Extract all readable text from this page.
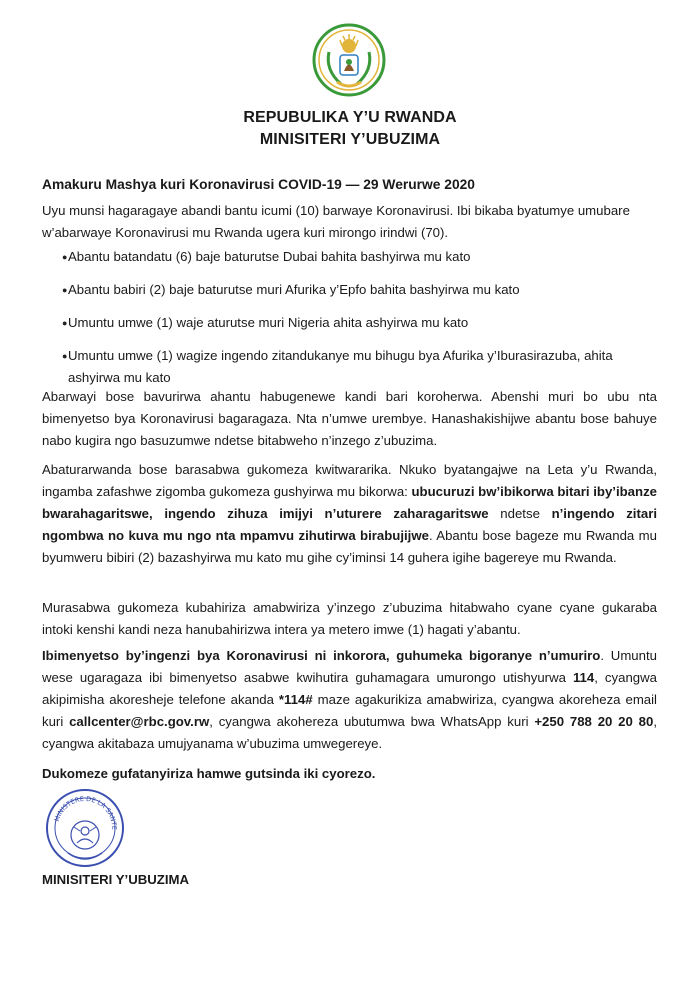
REPUBULIKA Y’U RWANDA
MINISITERI Y’UBUZIMA
Amakuru Mashya kuri Koronavirusi COVID-19 — 29 Werurwe 2020

Uyu munsi hagaragaye abandi bantu icumi (10) barwaye Koronavirusi. Ibi bikaba byatumye umubare w’abarwaye Koronavirusi mu Rwanda ugera kuri mirongo irindwi (70).

● Abantu batandatu (6) baje baturutse Dubai bahita bashyirwa mu kato
● Abantu babiri (2) baje baturutse muri Afurika y’Epfo bahita bashyirwa mu kato
● Umuntu umwe (1) waje aturutse muri Nigeria ahita ashyirwa mu kato
● Umuntu umwe (1) wagize ingendo zitandukanye mu bihugu bya Afurika y’Iburasirazuba, ahita ashyirwa mu kato

Abarwayi bose bavurirwa ahantu habugenewe kandi bari koroherwa. Abenshi muri bo ubu nta bimenyetso bya Koronavirusi bagaragaza. Nta n’umwe urembye. Hanashakishijwe abantu bose bahuye nabo kugira ngo basuzumwe ndetse bitabweho n’inzego z’ubuzima.

Abaturarwanda bose barasabwa gukomeza kwitwararika. Nkuko byatangajwe na Leta y’u Rwanda, ingamba zafashwe zigomba gukomeza gushyirwa mu bikorwa: ubucuruzi bw’ibikorwa bitari iby’ibanze bwarahagaritswe, ingendo zihuza imijyi n’uturere zaharagaritswe ndetse n’ingendo zitari ngombwa no kuva mu ngo nta mpamvu zihutirwa birabujijwe. Abantu bose bageze mu Rwanda mu byumweru bibiri (2) bazashyirwa mu kato mu gihe cy’iminsi 14 guhera igihe bagereye mu Rwanda.

Murasabwa gukomeza kubahiriza amabwiriza y’inzego z’ubuzima hitabwaho cyane cyane gukaraba intoki kenshi kandi neza hanubahirizwa intera ya metero imwe (1) hagati y’abantu.

Ibimenyetso by’ingenzi bya Koronavirusi ni inkorora, guhumeka bigoranye n’umuriro. Umuntu wese ugaragaza ibi bimenyetso asabwe kwihutira guhamagara umurongo utishyurwa 114, cyangwa akipimisha akoresheje telefone akanda *114# maze agakurikiza amabwiriza, cyangwa akoreheza email kuri callcenter@rbc.gov.rw, cyangwa akohereza ubutumwa bwa WhatsApp kuri +250 788 20 20 80, cyangwa akitabaza umujyanama w’ubuzima umwegereye.

Dukomeze gufatanyiriza hamwe gutsinda iki cyorezo.

MINISTERE DE LA SANTE
MINISITERI Y’UBUZIMA
